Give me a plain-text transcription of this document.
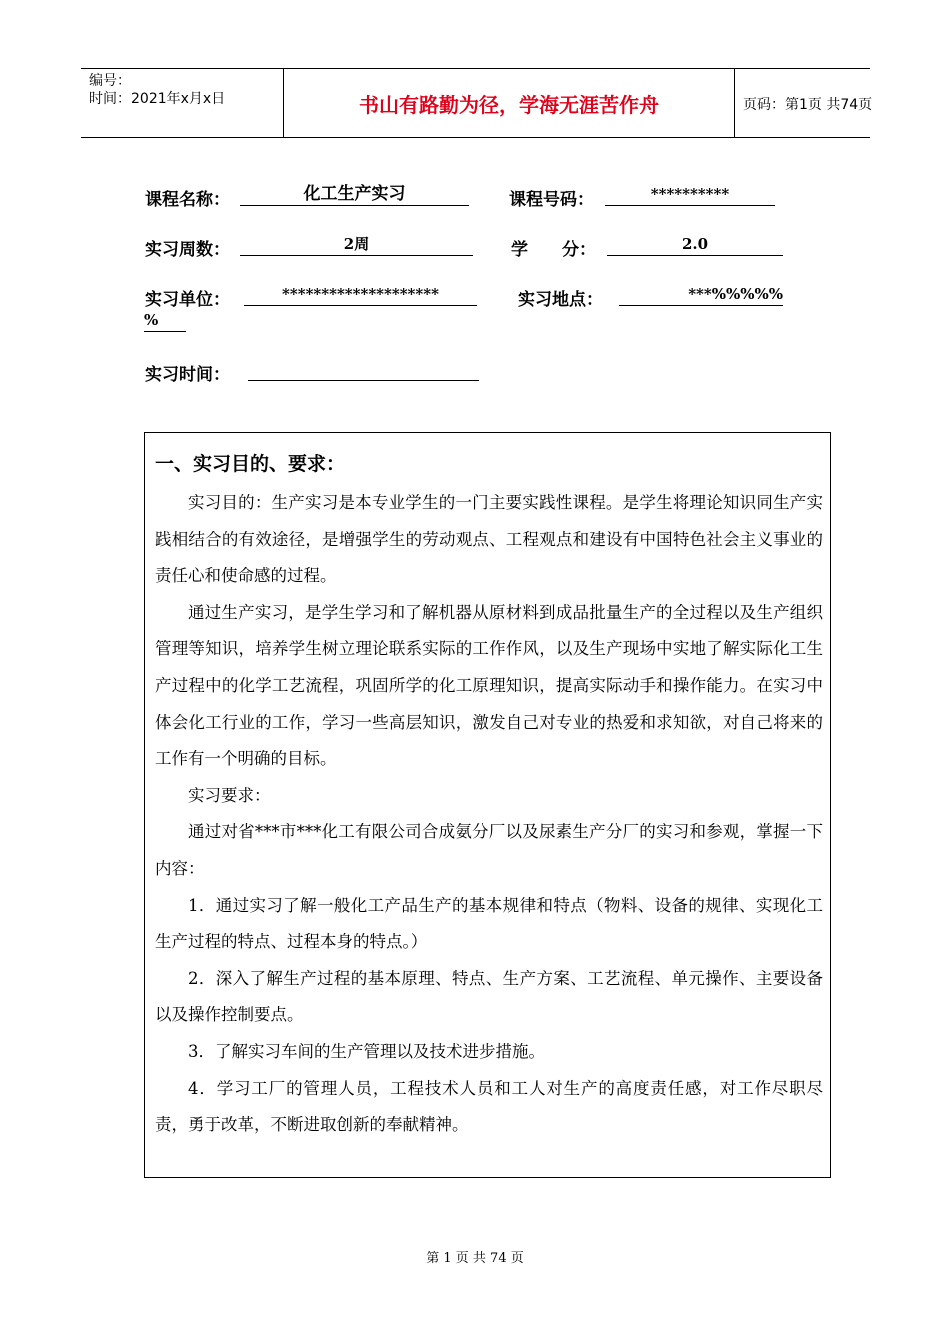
编号：
时间：2021年x月x日	书山有路勤为径，学海无涯苦作舟	页码：第1页 共74页
课程名称：	化工生产实习	课程号码：	**********
实习周数：	2周	学　　分：	2.0
实习单位：	********************	实习地点：	***%%%%%
%
实习时间：
一、实习目的、要求：

实习目的：生产实习是本专业学生的一门主要实践性课程。是学生将理论知识同生产实践相结合的有效途径，是增强学生的劳动观点、工程观点和建设有中国特色社会主义事业的责任心和使命感的过程。

通过生产实习，是学生学习和了解机器从原材料到成品批量生产的全过程以及生产组织管理等知识，培养学生树立理论联系实际的工作作风，以及生产现场中实地了解实际化工生产过程中的化学工艺流程，巩固所学的化工原理知识，提高实际动手和操作能力。在实习中体会化工行业的工作，学习一些高层知识，激发自己对专业的热爱和求知欲，对自己将来的工作有一个明确的目标。

实习要求：

通过对省***市***化工有限公司合成氨分厂以及尿素生产分厂的实习和参观，掌握一下内容：

1．通过实习了解一般化工产品生产的基本规律和特点（物料、设备的规律、实现化工生产过程的特点、过程本身的特点。）

2．深入了解生产过程的基本原理、特点、生产方案、工艺流程、单元操作、主要设备以及操作控制要点。

3．了解实习车间的生产管理以及技术进步措施。

4．学习工厂的管理人员，工程技术人员和工人对生产的高度责任感，对工作尽职尽责，勇于改革，不断进取创新的奉献精神。

第 1 页 共 74 页
